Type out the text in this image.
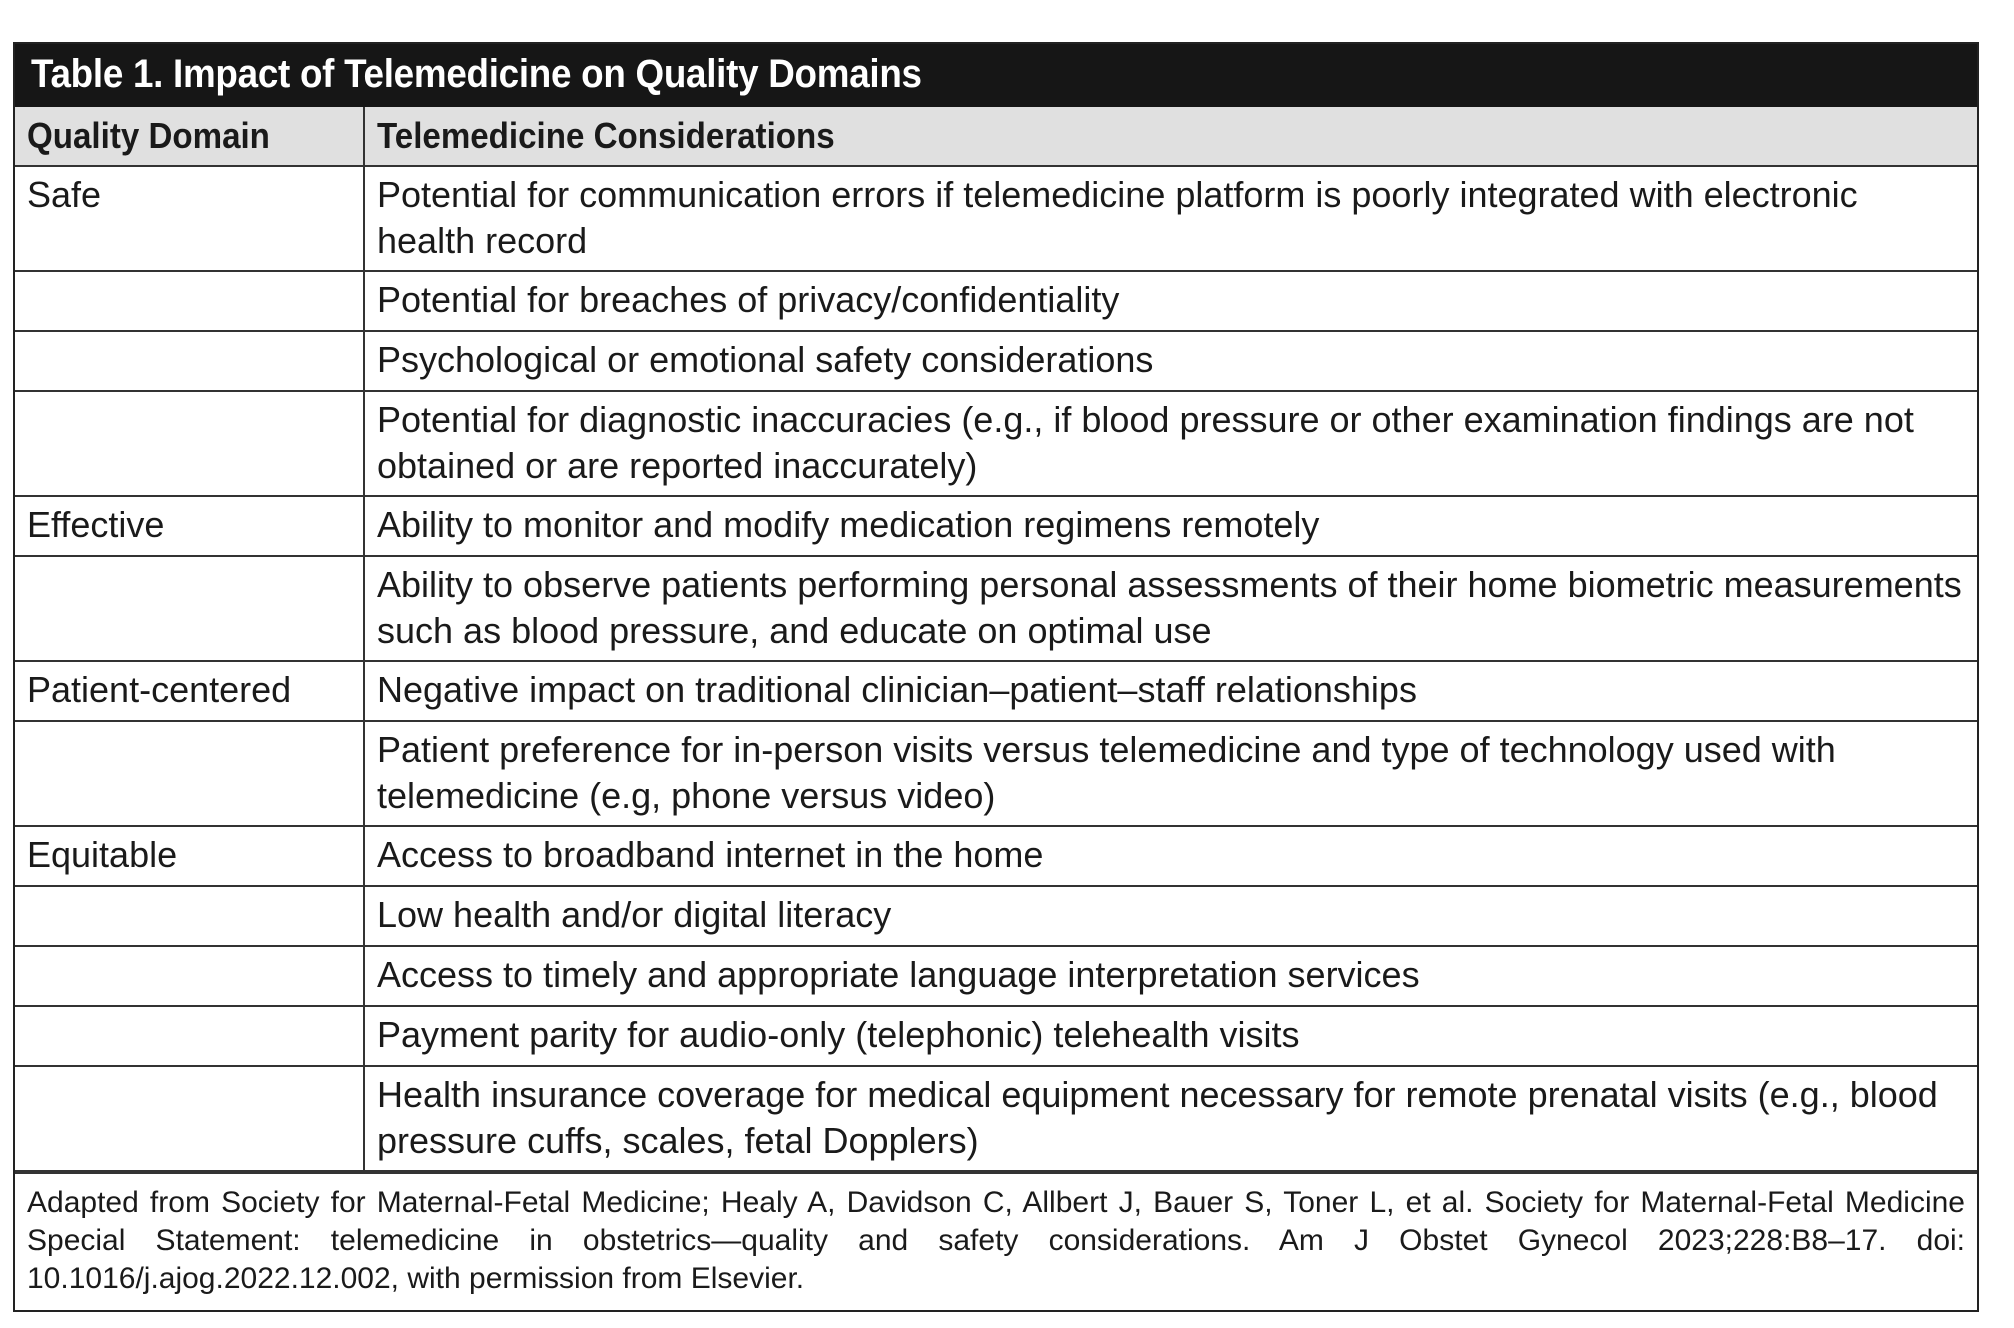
Table 1. Impact of Telemedicine on Quality Domains
Quality Domain	Telemedicine Considerations
Safe	Potential for communication errors if telemedicine platform is poorly integrated with electronic health record
	Potential for breaches of privacy/confidentiality
	Psychological or emotional safety considerations
	Potential for diagnostic inaccuracies (e.g., if blood pressure or other examination findings are not obtained or are reported inaccurately)
Effective	Ability to monitor and modify medication regimens remotely
	Ability to observe patients performing personal assessments of their home biometric measurements such as blood pressure, and educate on optimal use
Patient-centered	Negative impact on traditional clinician–patient–staff relationships
	Patient preference for in-person visits versus telemedicine and type of technology used with telemedicine (e.g, phone versus video)
Equitable	Access to broadband internet in the home
	Low health and/or digital literacy
	Access to timely and appropriate language interpretation services
	Payment parity for audio-only (telephonic) telehealth visits
	Health insurance coverage for medical equipment necessary for remote prenatal visits (e.g., blood pressure cuffs, scales, fetal Dopplers)
Adapted from Society for Maternal-Fetal Medicine; Healy A, Davidson C, Allbert J, Bauer S, Toner L, et al. Society for Maternal-Fetal Medicine Special Statement: telemedicine in obstetrics—quality and safety considerations. Am J Obstet Gynecol 2023;228:B8–17. doi: 10.1016/j.ajog.2022.12.002, with permission from Elsevier.
